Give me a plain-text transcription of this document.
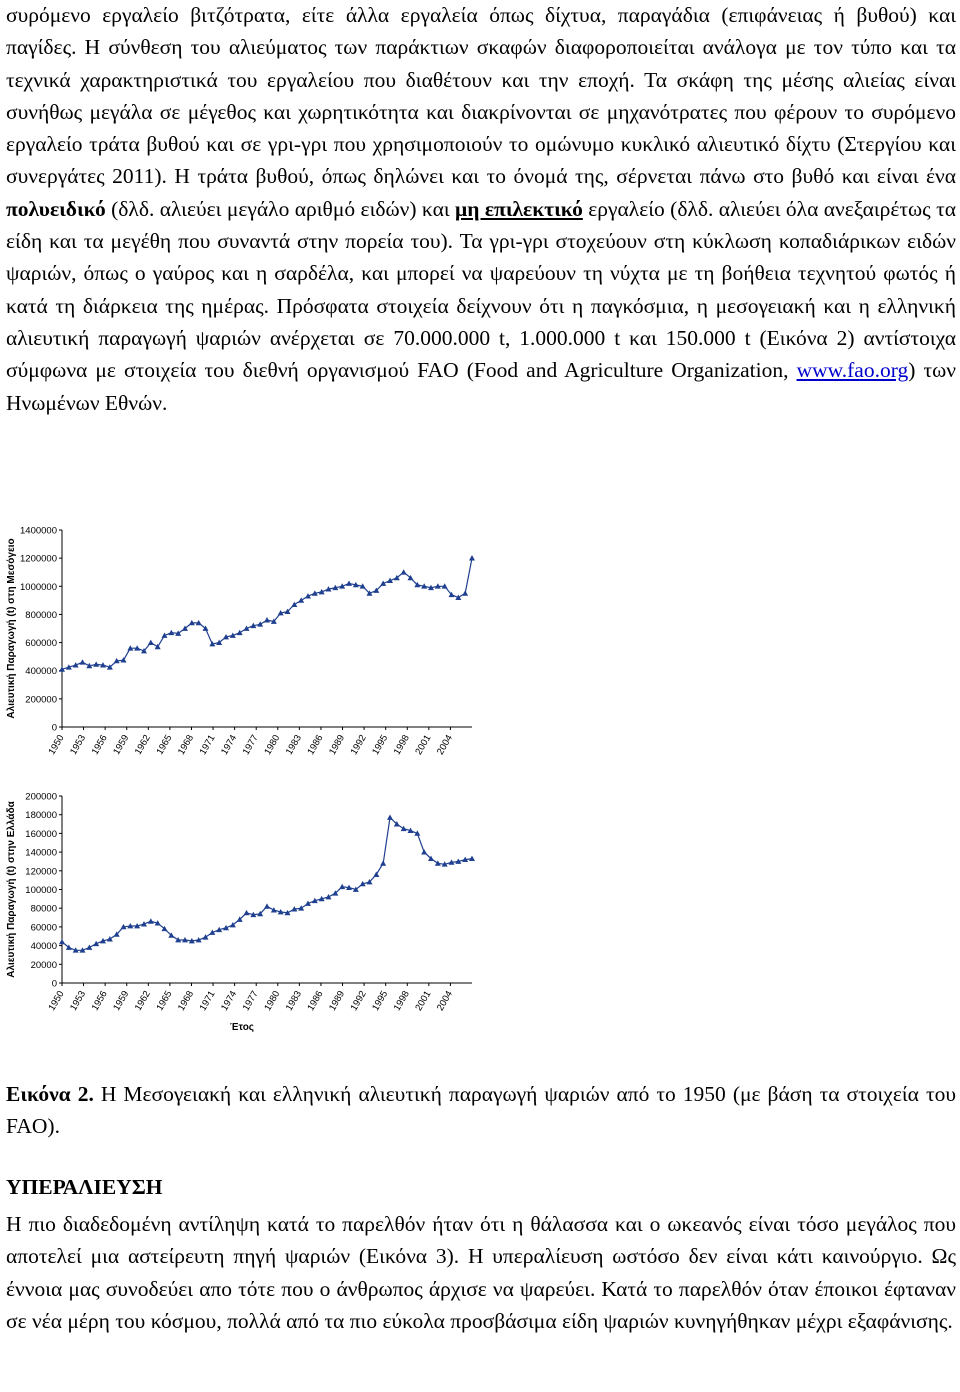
συρόμενο εργαλείο βιτζότρατα, είτε άλλα εργαλεία όπως δίχτυα, παραγάδια (επιφάνειας ή βυθού) και παγίδες. Η σύνθεση του αλιεύματος των παράκτιων σκαφών διαφοροποιείται ανάλογα με τον τύπο και τα τεχνικά χαρακτηριστικά του εργαλείου που διαθέτουν και την εποχή. Τα σκάφη της μέσης αλιείας είναι συνήθως μεγάλα σε μέγεθος και χωρητικότητα και διακρίνονται σε μηχανότρατες που φέρουν το συρόμενο εργαλείο τράτα βυθού και σε γρι-γρι που χρησιμοποιούν το ομώνυμο κυκλικό αλιευτικό δίχτυ (Στεργίου και συνεργάτες 2011). Η τράτα βυθού, όπως δηλώνει και το όνομά της, σέρνεται πάνω στο βυθό και είναι ένα πολυειδικό (δλδ. αλιεύει μεγάλο αριθμό ειδών) και μη επιλεκτικό εργαλείο (δλδ. αλιεύει όλα ανεξαιρέτως τα είδη και τα μεγέθη που συναντά στην πορεία του). Τα γρι-γρι στοχεύουν στη κύκλωση κοπαδιάρικων ειδών ψαριών, όπως ο γαύρος και η σαρδέλα, και μπορεί να ψαρεύουν τη νύχτα με τη βοήθεια τεχνητού φωτός ή κατά τη διάρκεια της ημέρας. Πρόσφατα στοιχεία δείχνουν ότι η παγκόσμια, η μεσογειακή και η ελληνική αλιευτική παραγωγή ψαριών ανέρχεται σε 70.000.000 t, 1.000.000 t και 150.000 t (Εικόνα 2) αντίστοιχα σύμφωνα με στοιχεία του διεθνή οργανισμού FAO (Food and Agriculture Organization, www.fao.org) των Ηνωμένων Εθνών.
0
200000
400000
600000
800000
1000000
1200000
1400000
1950 1953 1956 1959 1962 1965 1968 1971 1974 1977 1980 1983 1986 1989 1992 1995 1998 2001 2004
Αλιευτική Παραγωγή (t) στη Μεσόγειο
0
20000
40000
60000
80000
100000
120000
140000
160000
180000
200000
1950 1953 1956 1959 1962 1965 1968 1971 1974 1977 1980 1983 1986 1989 1992 1995 1998 2001 2004
Αλιευτική Παραγωγή (t) στην Ελλάδα
Έτος
Εικόνα 2. Η Μεσογειακή και ελληνική αλιευτική παραγωγή ψαριών από το 1950 (με βάση τα στοιχεία του FAO).
ΥΠΕΡΑΛΙΕΥΣΗ
Η πιο διαδεδομένη αντίληψη κατά το παρελθόν ήταν ότι η θάλασσα και ο ωκεανός είναι τόσο μεγάλος που αποτελεί μια αστείρευτη πηγή ψαριών (Εικόνα 3). Η υπεραλίευση ωστόσο δεν είναι κάτι καινούργιο. Ως έννοια μας συνοδεύει απο τότε που ο άνθρωπος άρχισε να ψαρεύει. Κατά το παρελθόν όταν έποικοι έφταναν σε νέα μέρη του κόσμου, πολλά από τα πιο εύκολα προσβάσιμα είδη ψαριών κυνηγήθηκαν μέχρι εξαφάνισης.
